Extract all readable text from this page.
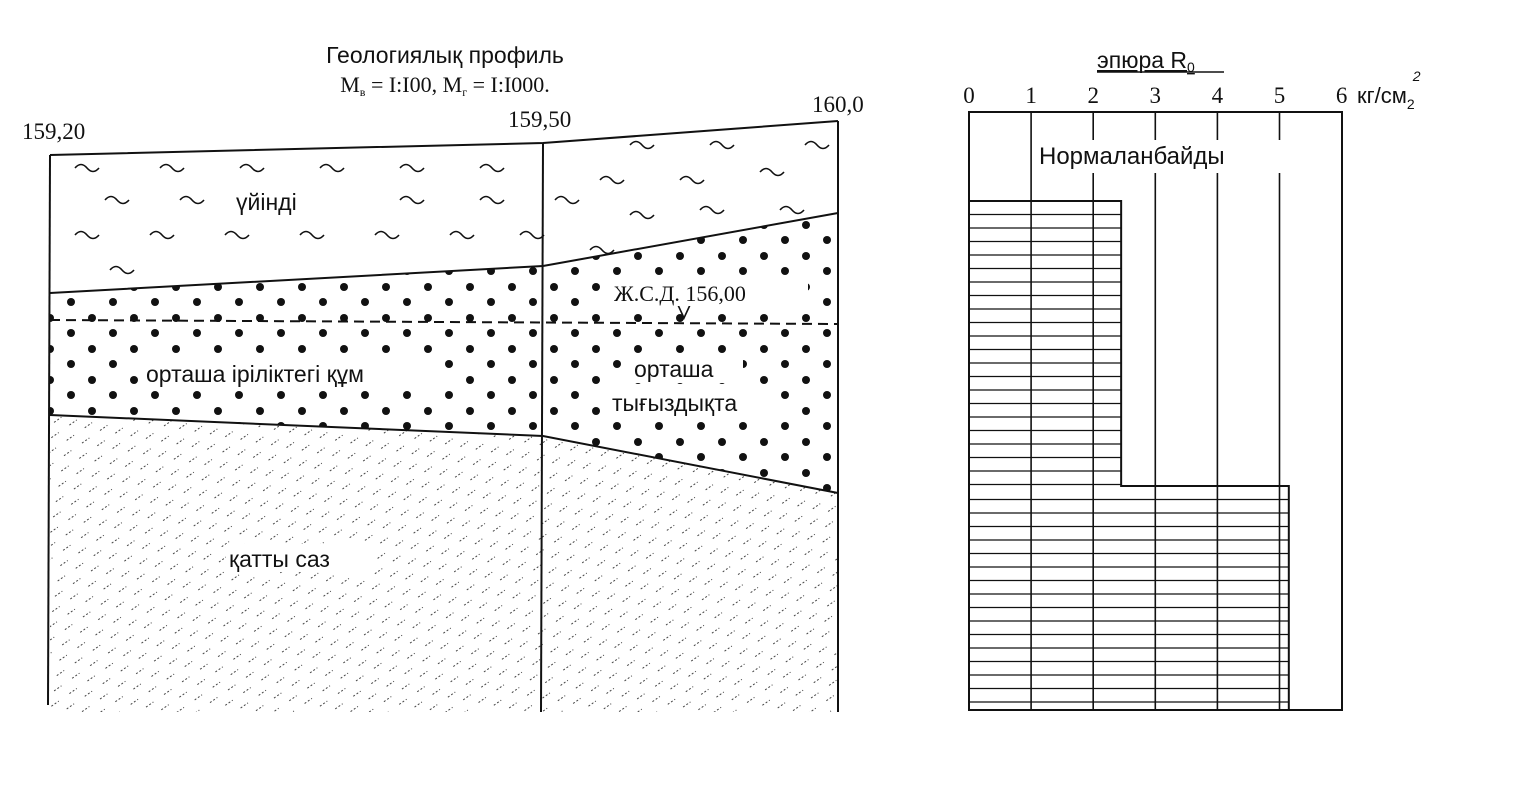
Геологиялық профиль
Mв = I:I00, Mг = I:I000.
159,20	159,50
160,0
үйінді
орташа іріліктегі құм
Ж.С.Д. 156,00
орташа
тығыздықта
қатты саз
эпюра R0
0 1 2 3 4 5 6 $кг/см_22$
Нормаланбайды
